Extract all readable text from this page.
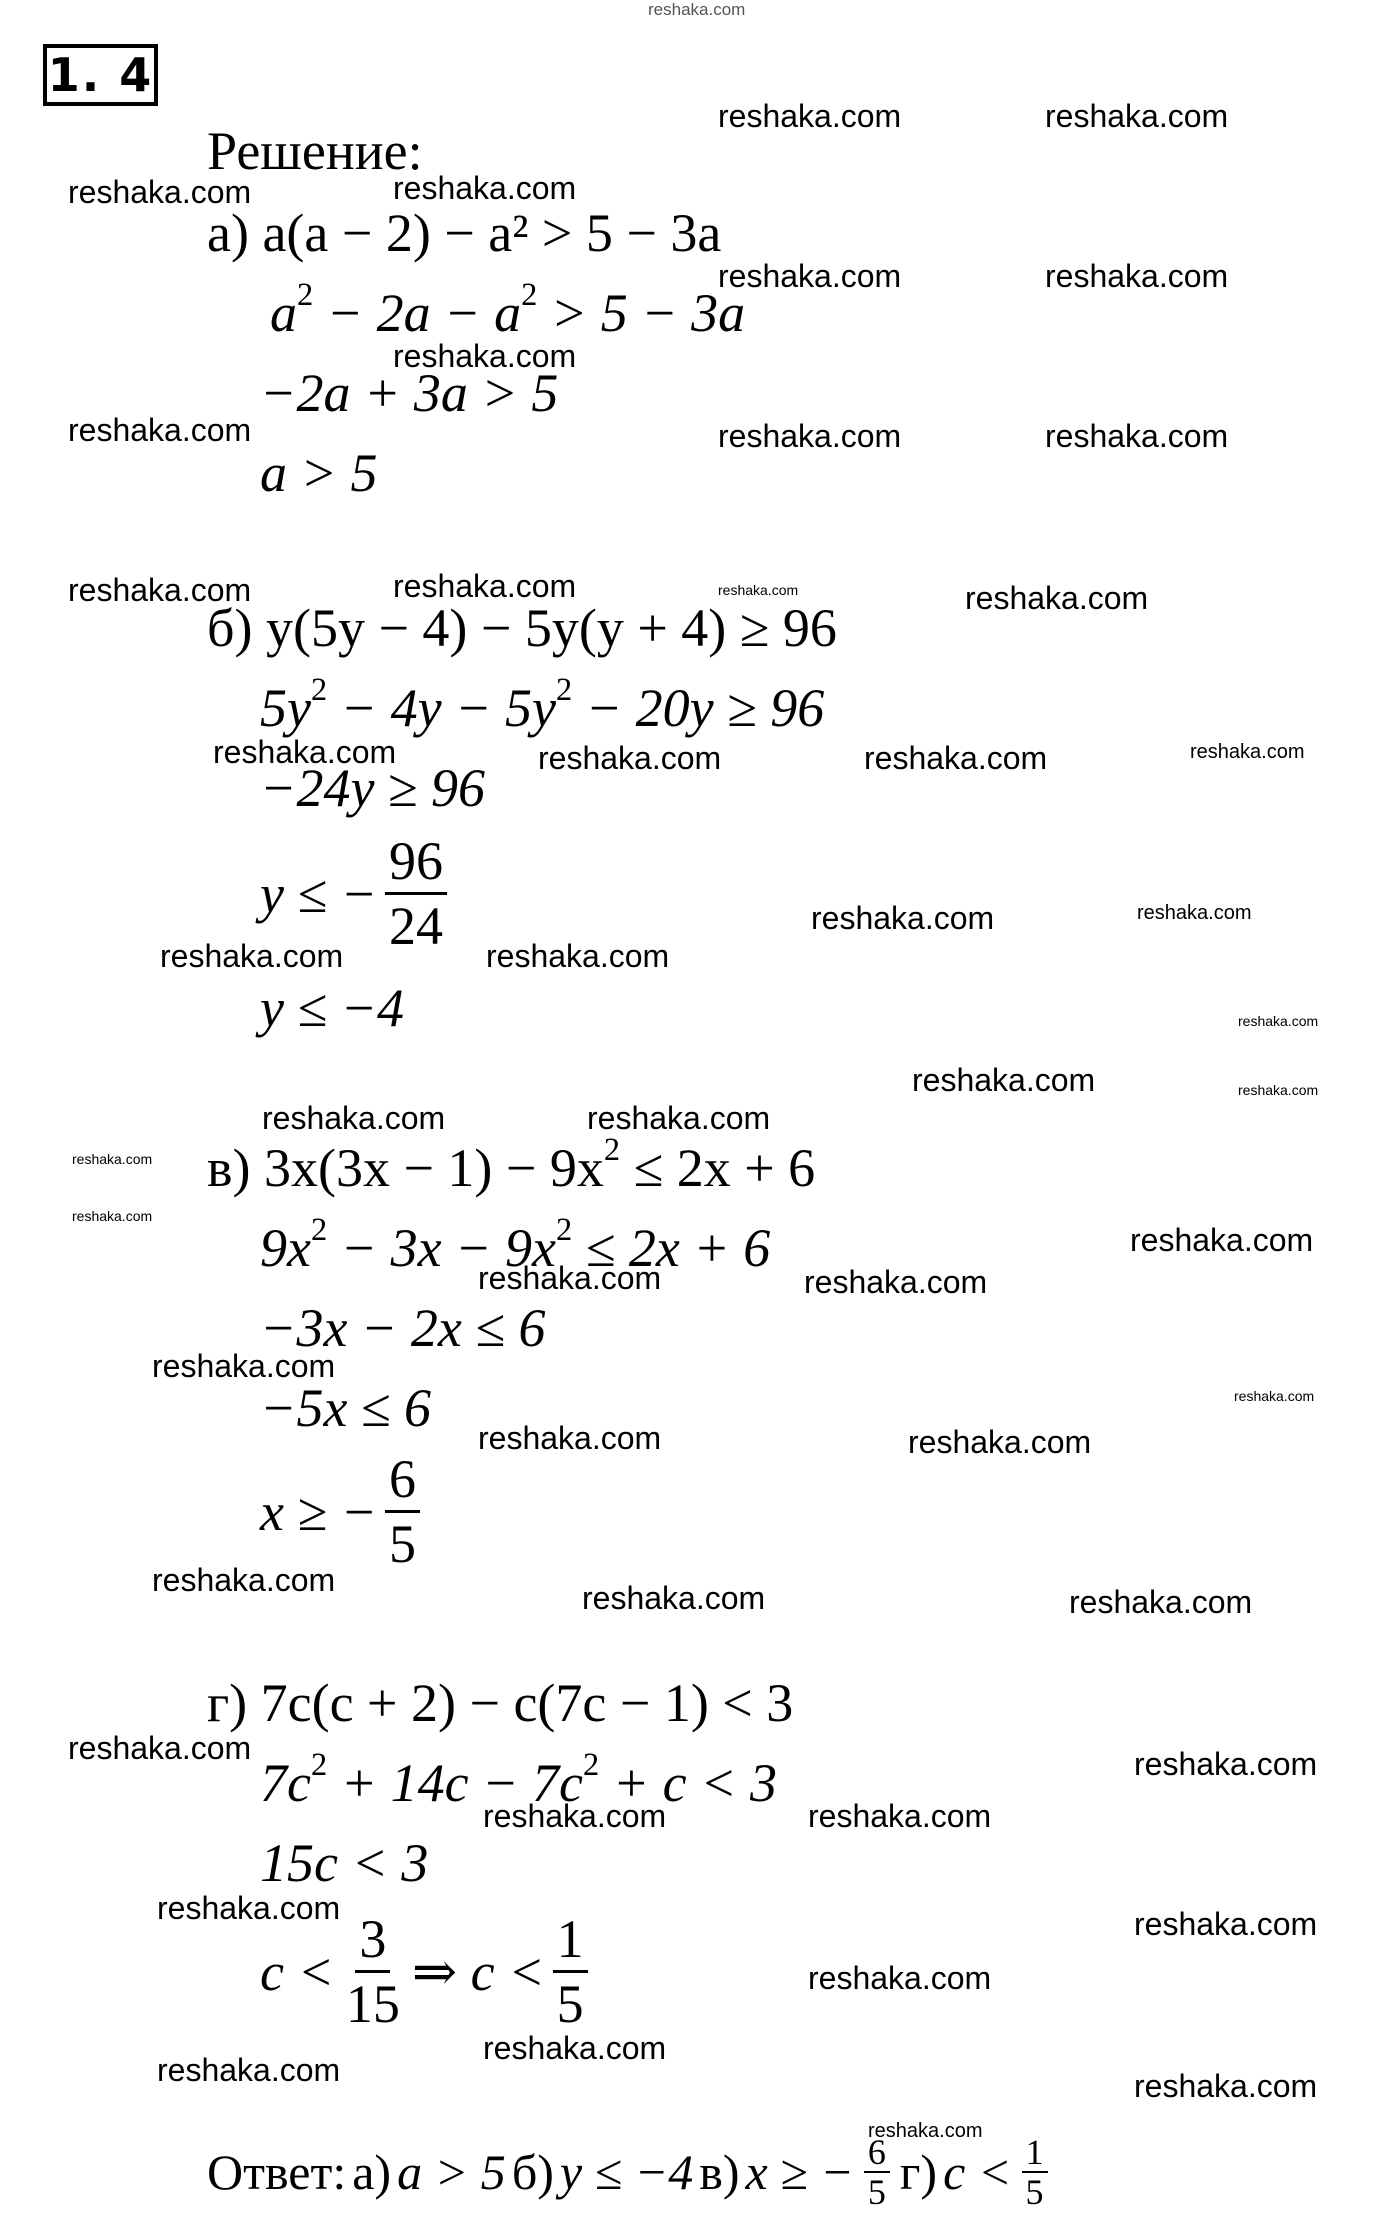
1. 4
Решение:
а) a(a − 2) − a² > 5 − 3a
$a^2 - 2a - a^2 > 5 - 3a$
−2a + 3a > 5
a > 5
б) y(5y − 4) − 5y(y + 4) ≥ 96
$5y^2 - 4y - 5y^2 - 20y \ge 96$
−24y ≥ 96
y ≤ − $\frac{96}{24}$
y ≤ −4
в) $3x(3x - 1) - 9x^2 \le 2x + 6$
$9x^2 - 3x - 9x^2 \le 2x + 6$
−3x − 2x ≤ 6
−5x ≤ 6
x ≥ − $\frac{6}{5}$
г) 7c(c + 2) − c(7c − 1) < 3
$7c^2 + 14c - 7c^2 + c < 3$
15c < 3
$c < \frac{3}{15}$ ⇒ $c < \frac{1}{5}$
Ответ: а) a > 5 б) y ≤ −4 в) x ≥ − $\frac{6}{5} г$) $c < \frac{1}{5}$
reshaka.com
reshaka.com	reshaka.com
reshaka.com	reshaka.com
reshaka.com	reshaka.com
reshaka.com
reshaka.com	reshaka.com	reshaka.com
reshaka.com	reshaka.com	reshaka.com	reshaka.com
reshaka.com	reshaka.com	reshaka.com	reshaka.com
reshaka.com	reshaka.com
reshaka.com	reshaka.com
reshaka.com
reshaka.com	reshaka.com
reshaka.com	reshaka.com
reshaka.com
reshaka.com
reshaka.com
reshaka.com	reshaka.com
reshaka.com
reshaka.com
reshaka.com	reshaka.com
reshaka.com	reshaka.com	reshaka.com
reshaka.com	reshaka.com
reshaka.com	reshaka.com
reshaka.com	reshaka.com
reshaka.com
reshaka.com
reshaka.com
reshaka.com
reshaka.com
